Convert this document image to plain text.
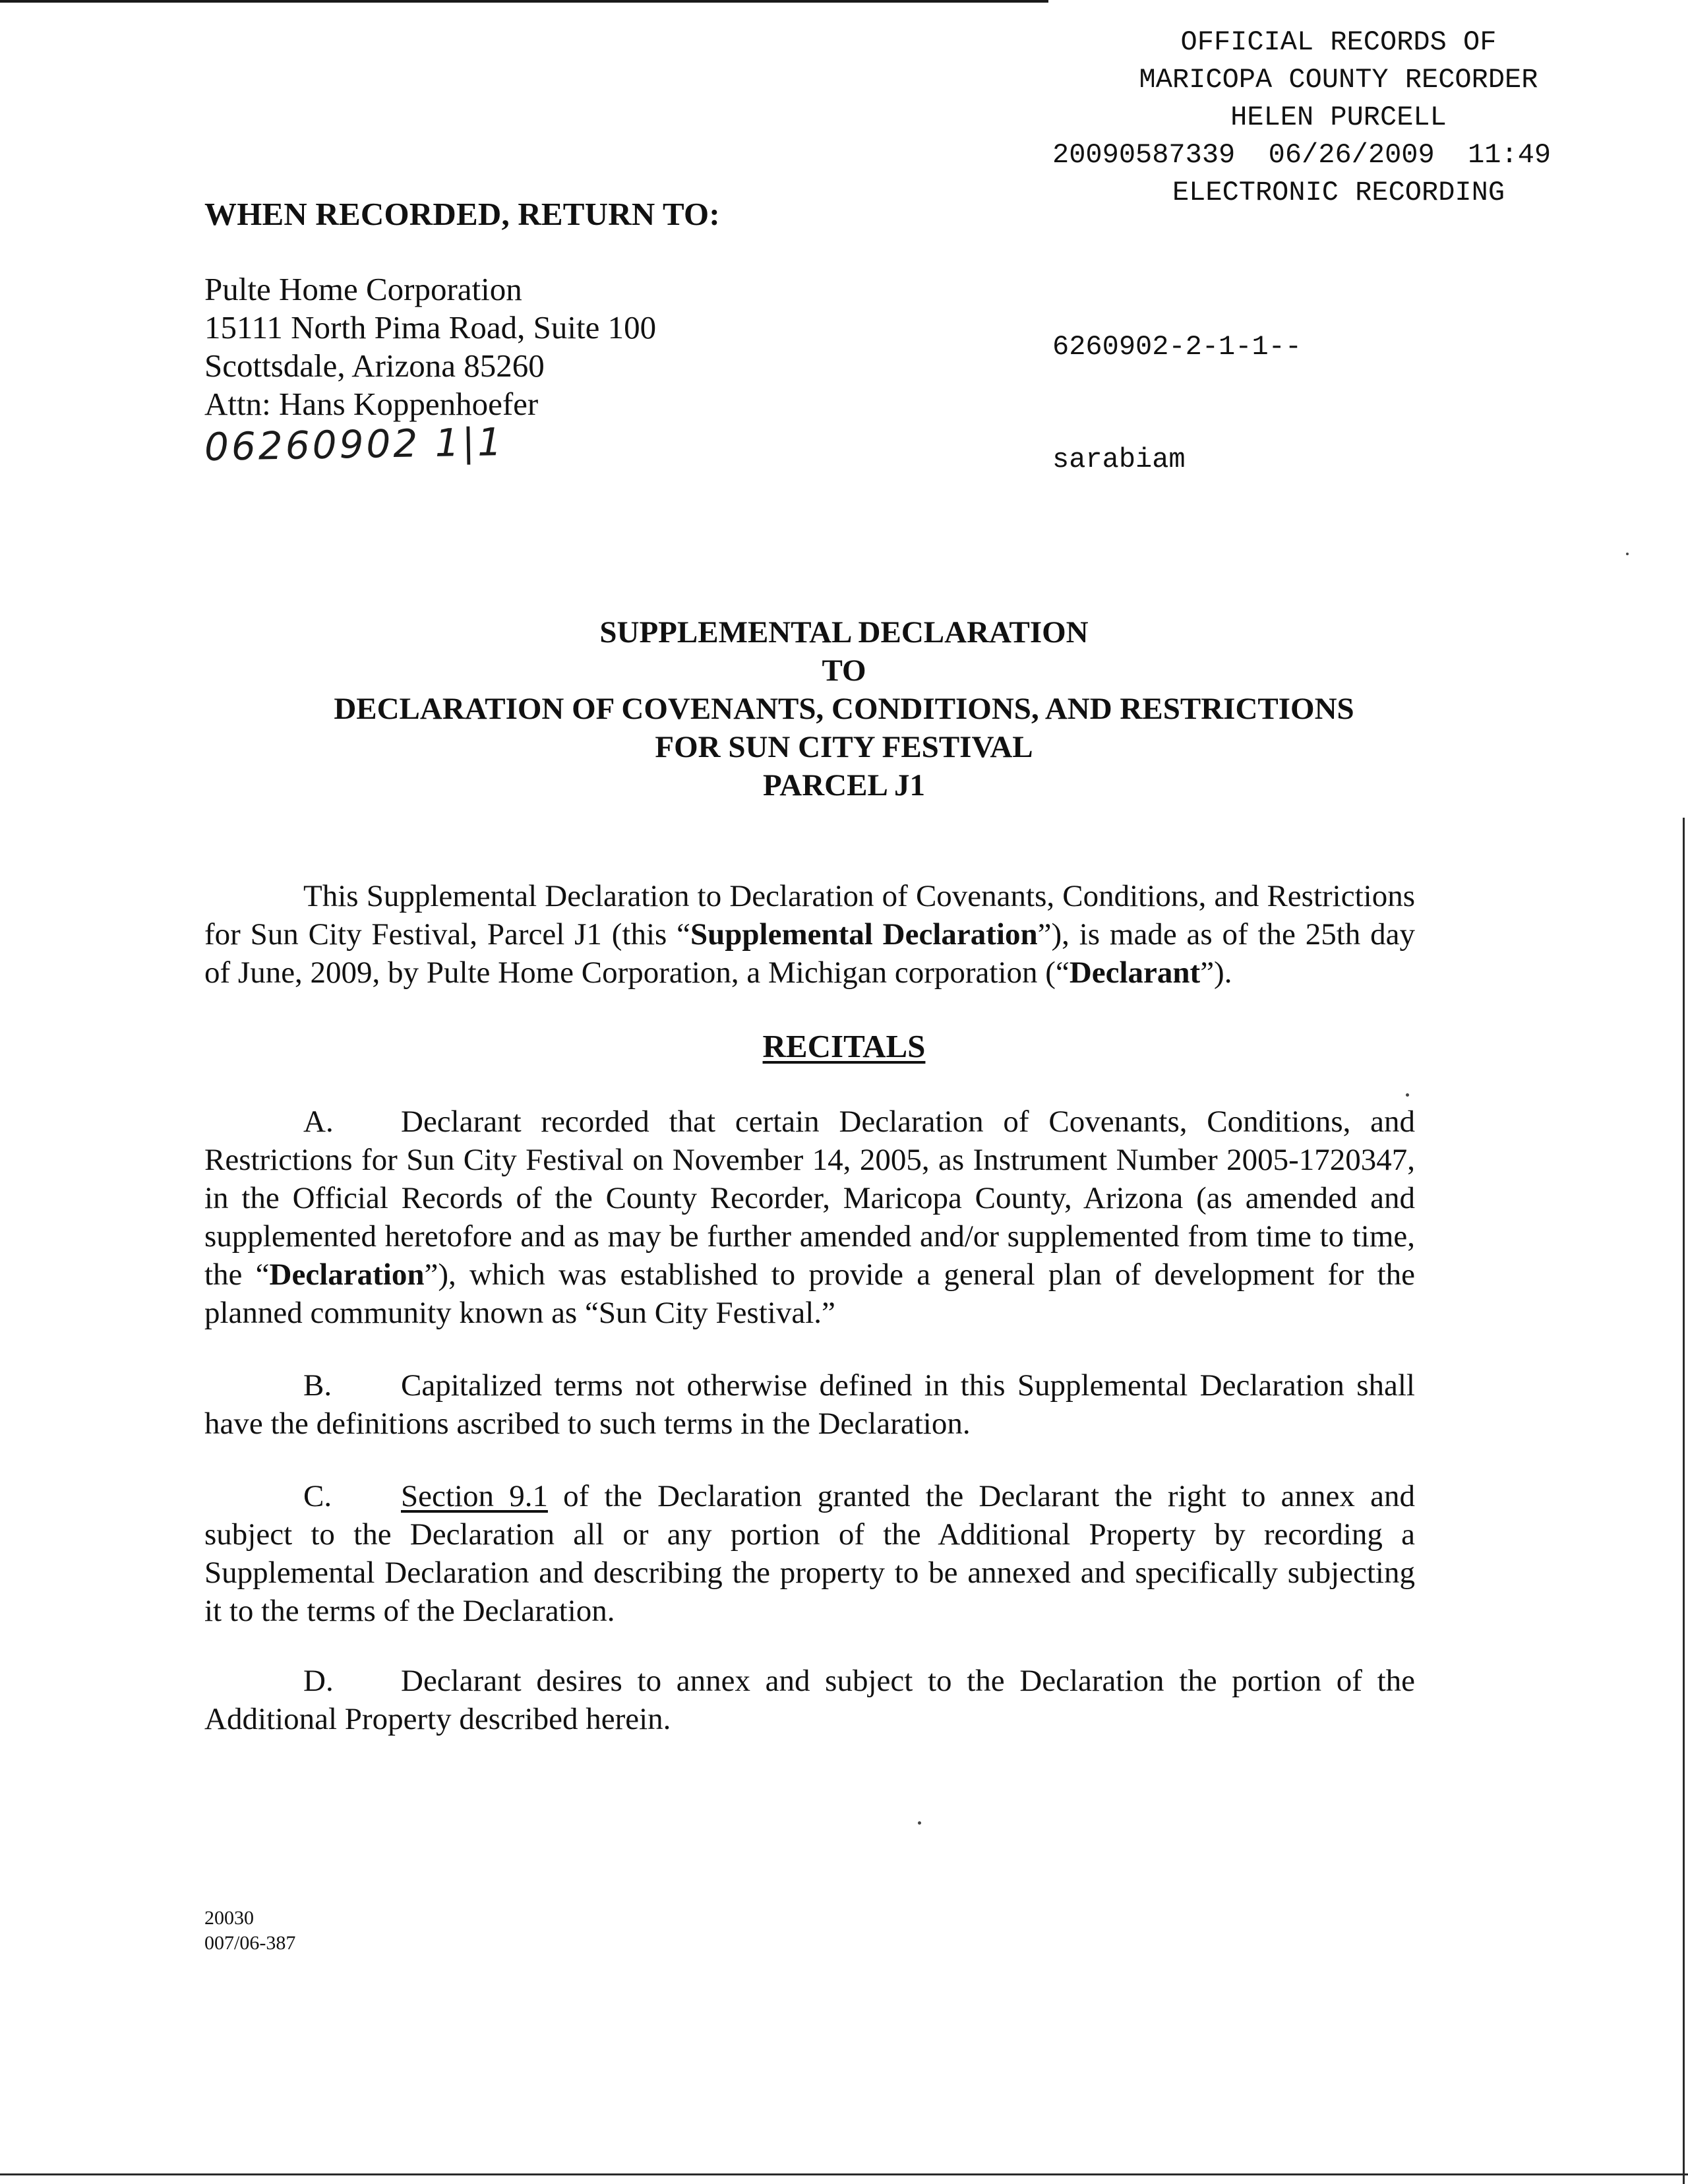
OFFICIAL RECORDS OF
MARICOPA COUNTY RECORDER
HELEN PURCELL
20090587339  06/26/2009  11:49
ELECTRONIC RECORDING

6260902-2-1-1--

sarabiam

WHEN RECORDED, RETURN TO:
Pulte Home Corporation
15111 North Pima Road, Suite 100
Scottsdale, Arizona 85260
Attn: Hans Koppenhoefer
06260902 1|1
SUPPLEMENTAL DECLARATION
TO
DECLARATION OF COVENANTS, CONDITIONS, AND RESTRICTIONS
FOR SUN CITY FESTIVAL
PARCEL J1
This Supplemental Declaration to Declaration of Covenants, Conditions, and Restrictions for Sun City Festival, Parcel J1 (this “Supplemental Declaration”), is made as of the 25th day of June, 2009, by Pulte Home Corporation, a Michigan corporation (“Declarant”).
RECITALS
A. Declarant recorded that certain Declaration of Covenants, Conditions, and Restrictions for Sun City Festival on November 14, 2005, as Instrument Number 2005-1720347, in the Official Records of the County Recorder, Maricopa County, Arizona (as amended and supplemented heretofore and as may be further amended and/or supplemented from time to time, the “Declaration”), which was established to provide a general plan of development for the planned community known as “Sun City Festival.”
B. Capitalized terms not otherwise defined in this Supplemental Declaration shall have the definitions ascribed to such terms in the Declaration.
C. Section 9.1 of the Declaration granted the Declarant the right to annex and subject to the Declaration all or any portion of the Additional Property by recording a Supplemental Declaration and describing the property to be annexed and specifically subjecting it to the terms of the Declaration.
D. Declarant desires to annex and subject to the Declaration the portion of the Additional Property described herein.
20030
007/06-387
